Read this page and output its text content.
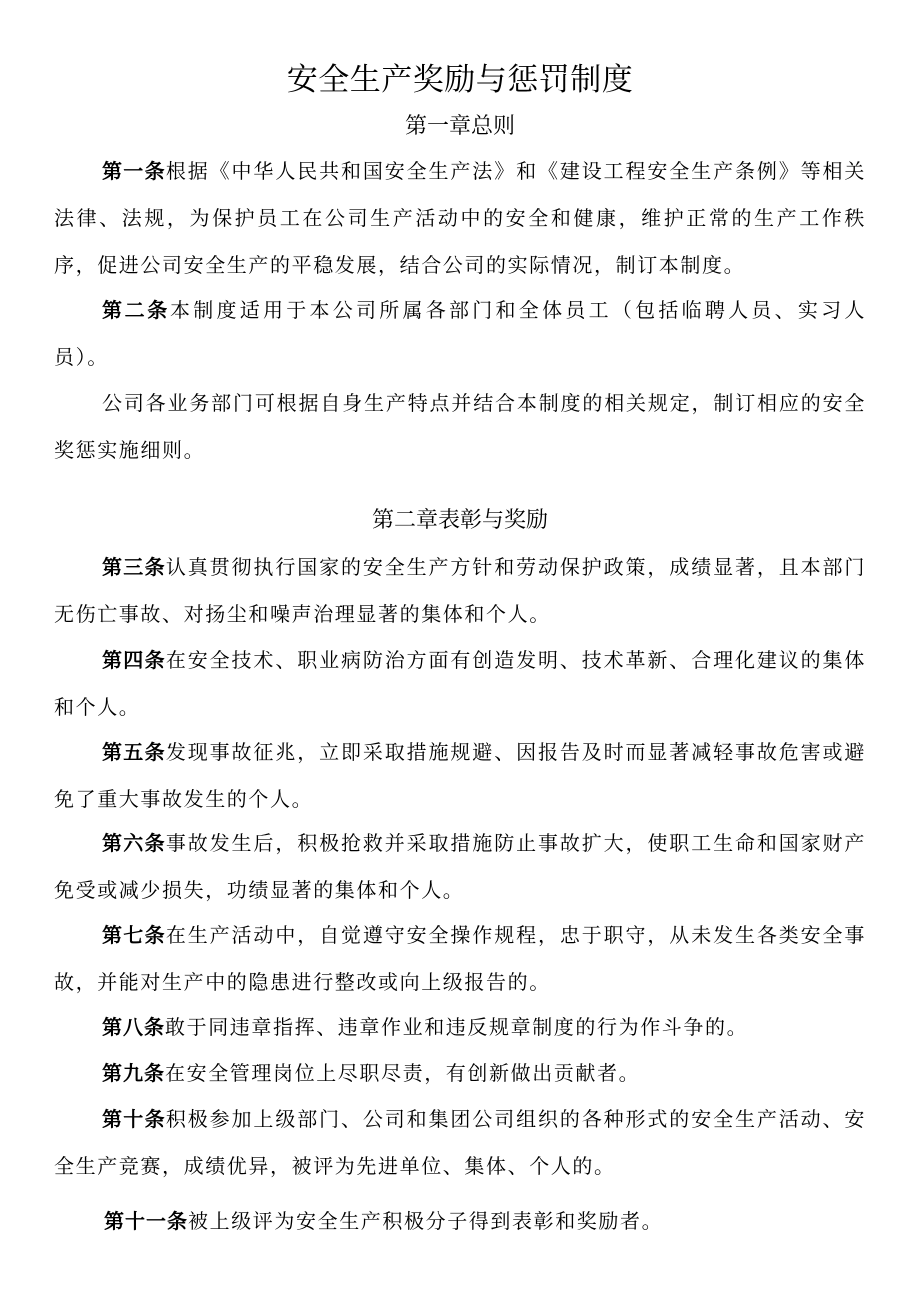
安全生产奖励与惩罚制度
第一章总则

第一条根据《中华人民共和国安全生产法》和《建设工程安全生产条例》等相关法律、法规，为保护员工在公司生产活动中的安全和健康，维护正常的生产工作秩序，促进公司安全生产的平稳发展，结合公司的实际情况，制订本制度。

第二条本制度适用于本公司所属各部门和全体员工（包括临聘人员、实习人员）。

公司各业务部门可根据自身生产特点并结合本制度的相关规定，制订相应的安全奖惩实施细则。

第二章表彰与奖励

第三条认真贯彻执行国家的安全生产方针和劳动保护政策，成绩显著，且本部门无伤亡事故、对扬尘和噪声治理显著的集体和个人。

第四条在安全技术、职业病防治方面有创造发明、技术革新、合理化建议的集体和个人。

第五条发现事故征兆，立即采取措施规避、因报告及时而显著减轻事故危害或避免了重大事故发生的个人。

第六条事故发生后，积极抢救并采取措施防止事故扩大，使职工生命和国家财产免受或减少损失，功绩显著的集体和个人。

第七条在生产活动中，自觉遵守安全操作规程，忠于职守，从未发生各类安全事故，并能对生产中的隐患进行整改或向上级报告的。

第八条敢于同违章指挥、违章作业和违反规章制度的行为作斗争的。

第九条在安全管理岗位上尽职尽责，有创新做出贡献者。

第十条积极参加上级部门、公司和集团公司组织的各种形式的安全生产活动、安全生产竞赛，成绩优异，被评为先进单位、集体、个人的。

第十一条被上级评为安全生产积极分子得到表彰和奖励者。
